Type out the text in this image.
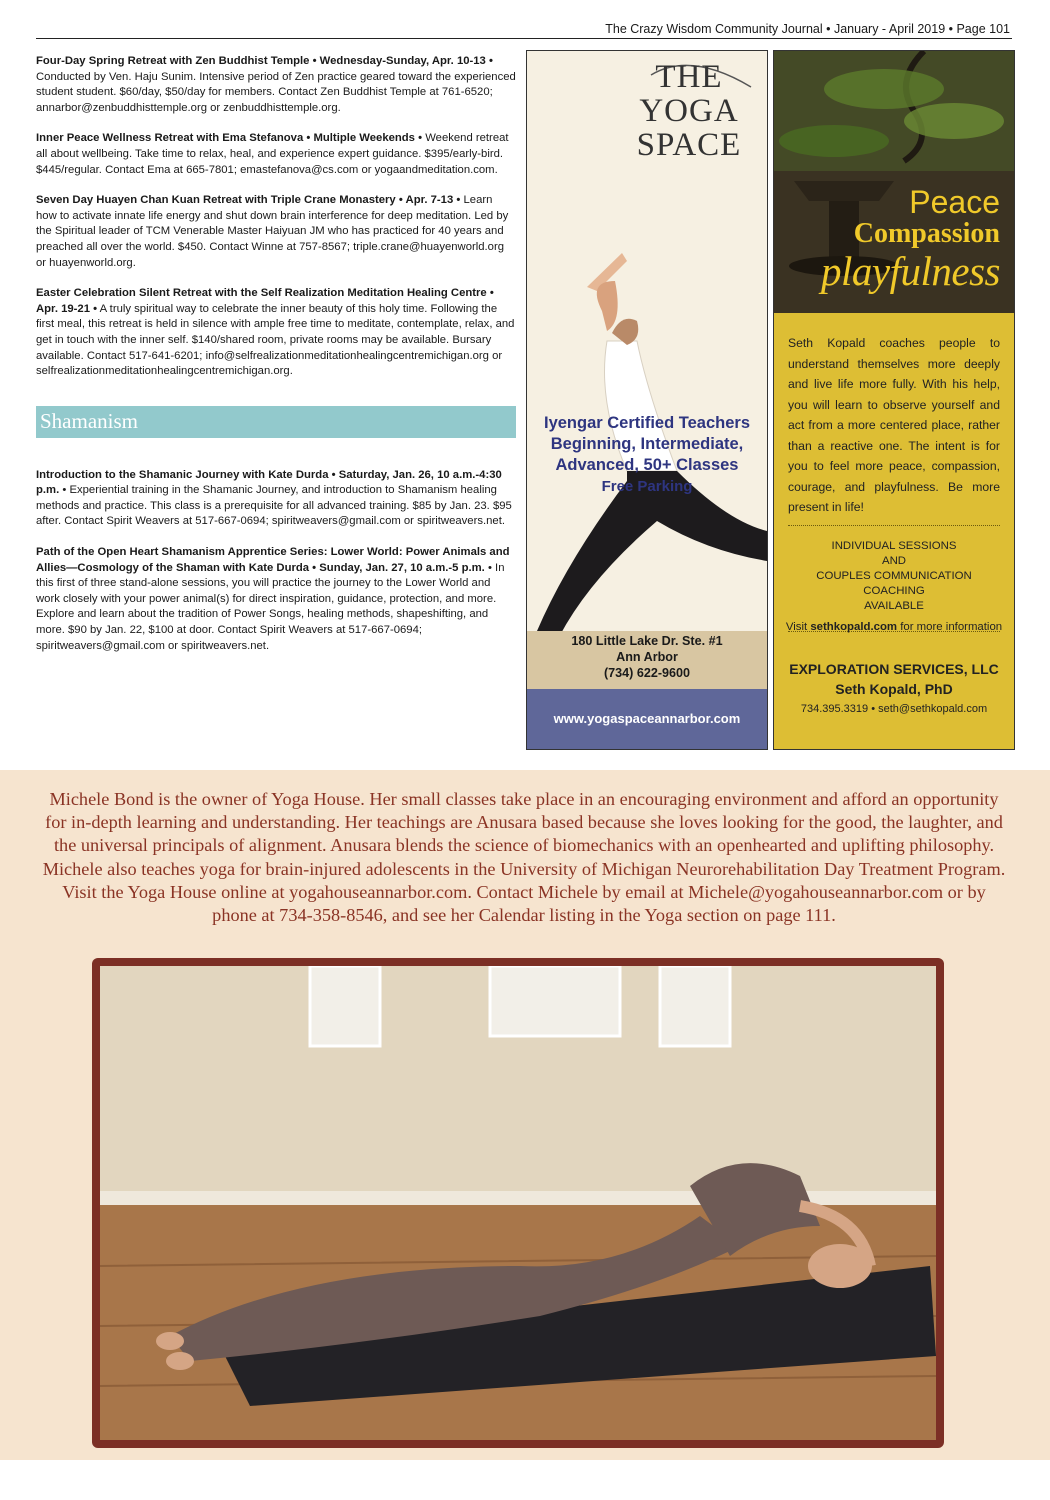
The Crazy Wisdom Community Journal • January - April 2019 • Page 101

Four-Day Spring Retreat with Zen Buddhist Temple • Wednesday-Sunday, Apr. 10-13 • Conducted by Ven. Haju Sunim. Intensive period of Zen practice geared toward the experienced student student. $60/day, $50/day for members. Contact Zen Buddhist Temple at 761-6520; annarbor@zenbuddhisttemple.org or zenbuddhisttemple.org.

Inner Peace Wellness Retreat with Ema Stefanova • Multiple Weekends • Weekend retreat all about wellbeing. Take time to relax, heal, and experience expert guidance. $395/early-bird. $445/regular. Contact Ema at 665-7801; emastefanova@cs.com or yogaandmeditation.com.

Seven Day Huayen Chan Kuan Retreat with Triple Crane Monastery • Apr. 7-13 • Learn how to activate innate life energy and shut down brain interference for deep meditation. Led by the Spiritual leader of TCM Venerable Master Haiyuan JM who has practiced for 40 years and preached all over the world. $450. Contact Winne at 757-8567; triple.crane@huayenworld.org or huayenworld.org.

Easter Celebration Silent Retreat with the Self Realization Meditation Healing Centre • Apr. 19-21 • A truly spiritual way to celebrate the inner beauty of this holy time. Following the first meal, this retreat is held in silence with ample free time to meditate, contemplate, relax, and get in touch with the inner self. $140/shared room, private rooms may be available. Bursary available. Contact 517-641-6201; info@selfrealizationmeditationhealingcentremichigan.org or selfrealizationmeditationhealingcentremichigan.org.

Shamanism

Introduction to the Shamanic Journey with Kate Durda • Saturday, Jan. 26, 10 a.m.-4:30 p.m. • Experiential training in the Shamanic Journey, and introduction to Shamanism healing methods and practice. This class is a prerequisite for all advanced training. $85 by Jan. 23. $95 after. Contact Spirit Weavers at 517-667-0694; spiritweavers@gmail.com or spiritweavers.net.

Path of the Open Heart Shamanism Apprentice Series: Lower World: Power Animals and Allies—Cosmology of the Shaman with Kate Durda • Sunday, Jan. 27, 10 a.m.-5 p.m. • In this first of three stand-alone sessions, you will practice the journey to the Lower World and work closely with your power animal(s) for direct inspiration, guidance, protection, and more. Explore and learn about the tradition of Power Songs, healing methods, shapeshifting, and more. $90 by Jan. 22, $100 at door. Contact Spirit Weavers at 517-667-0694; spiritweavers@gmail.com or spiritweavers.net.

THE
YOGA
SPACE
Iyengar Certified Teachers
Beginning, Intermediate,
Advanced, 50+ Classes
Free Parking
180 Little Lake Dr. Ste. #1
Ann Arbor
(734) 622-9600
www.yogaspaceannarbor.com
Peace
Compassion
playfulness
Seth Kopald coaches people to understand themselves more deeply and live life more fully. With his help, you will learn to observe yourself and act from a more centered place, rather than a reactive one. The intent is for you to feel more peace, compassion, courage, and playfulness. Be more present in life!
INDIVIDUAL SESSIONS
AND
COUPLES COMMUNICATION COACHING
AVAILABLE
Visit sethkopald.com for more information
EXPLORATION SERVICES, LLC
Seth Kopald, PhD
734.395.3319 • seth@sethkopald.com
Michele Bond is the owner of Yoga House. Her small classes take place in an encouraging environment and afford an opportunity for in-depth learning and understanding. Her teachings are Anusara based because she loves looking for the good, the laughter, and the universal principals of alignment. Anusara blends the science of biomechanics with an openhearted and uplifting philosophy. Michele also teaches yoga for brain-injured adolescents in the University of Michigan Neurorehabilitation Day Treatment Program. Visit the Yoga House online at yogahouseannarbor.com. Contact Michele by email at Michele@yogahouseannarbor.com or by phone at 734-358-8546, and see her Calendar listing in the Yoga section on page 111.
